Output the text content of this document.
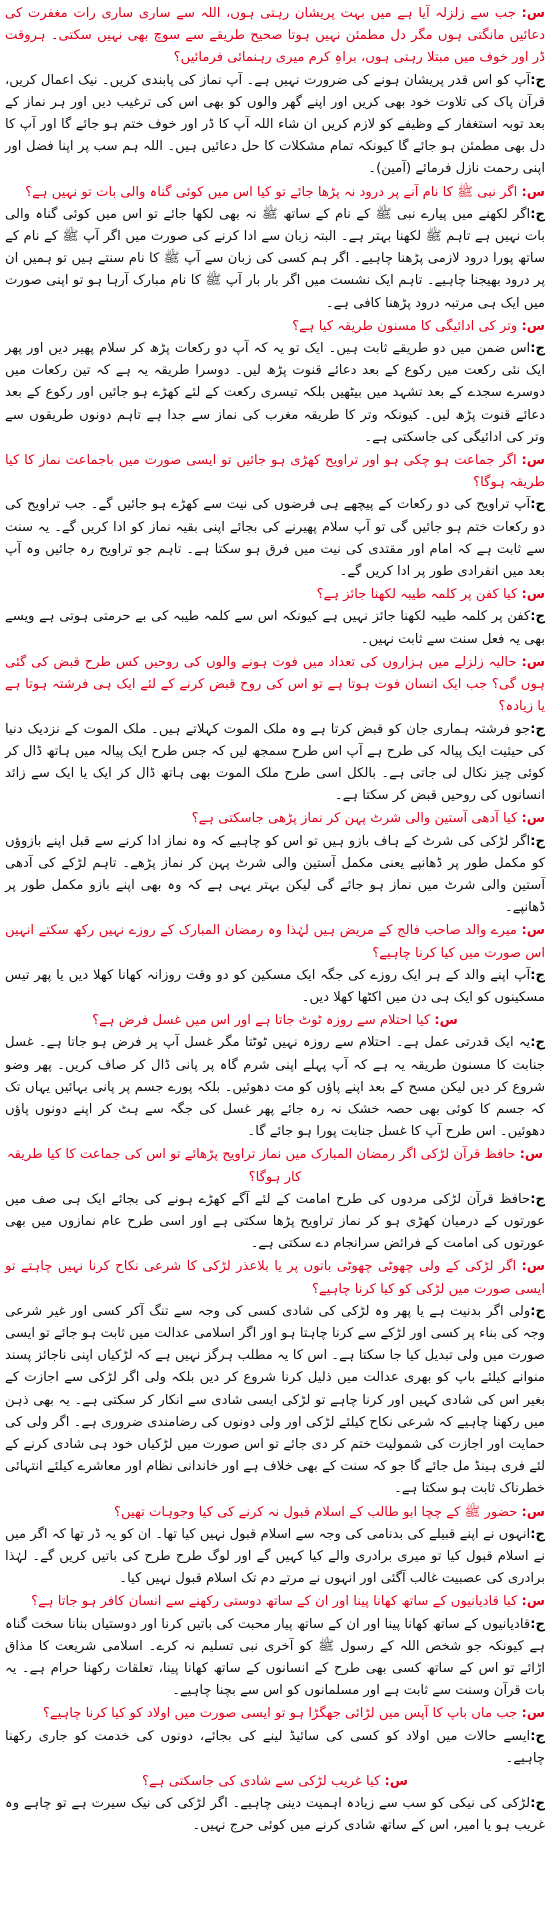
س: جب سے زلزلہ آیا ہے میں بہت پریشان رہتی ہوں، اللہ سے ساری ساری رات مغفرت کی دعائیں مانگتی ہوں مگر دل مطمئن نہیں ہوتا صحیح طریقے سے سوچ بھی نہیں سکتی۔ ہروقت ڈر اور خوف میں مبتلا رہتی ہوں، براہِ کرم میری رہنمائی فرمائیں؟

ج:آپ کو اس قدر پریشان ہونے کی ضرورت نہیں ہے۔ آپ نماز کی پابندی کریں۔ نیک اعمال کریں، قرآن پاک کی تلاوت خود بھی کریں اور اپنے گھر والوں کو بھی اس کی ترغیب دیں اور ہر نماز کے بعد توبہ استغفار کے وظیفے کو لازم کریں ان شاء اللہ آپ کا ڈر اور خوف ختم ہو جائے گا اور آپ کا دل بھی مطمئن ہو جائے گا کیونکہ تمام مشکلات کا حل دعائیں ہیں۔ اللہ ہم سب پر اپنا فضل اور اپنی رحمت نازل فرمائے (آمین)۔

س: اگر نبی ﷺ کا نام آنے پر درود نہ پڑھا جائے تو کیا اس میں کوئی گناہ والی بات تو نہیں ہے؟

ج:اگر لکھنے میں پیارے نبی ﷺ کے نام کے ساتھ ﷺ نہ بھی لکھا جائے تو اس میں کوئی گناہ والی بات نہیں ہے تاہم ﷺ لکھنا بہتر ہے۔ البتہ زبان سے ادا کرنے کی صورت میں اگر آپ ﷺ کے نام کے ساتھ پورا درود لازمی پڑھنا چاہیے۔ اگر ہم کسی کی زبان سے آپ ﷺ کا نام سنتے ہیں تو ہمیں ان پر درود بھیجنا چاہیے۔ تاہم ایک نشست میں اگر بار بار آپ ﷺ کا نام مبارک آرہا ہو تو اپنی صورت میں ایک ہی مرتبہ درود پڑھنا کافی ہے۔

س: وتر کی ادائیگی کا مسنون طریقہ کیا ہے؟

ج:اس ضمن میں دو طریقے ثابت ہیں۔ ایک تو یہ کہ آپ دو رکعات پڑھ کر سلام پھیر دیں اور پھر ایک نئی رکعت میں رکوع کے بعد دعائے قنوت پڑھ لیں۔ دوسرا طریقہ یہ ہے کہ تین رکعات میں دوسرے سجدے کے بعد تشہد میں بیٹھیں بلکہ تیسری رکعت کے لئے کھڑے ہو جائیں اور رکوع کے بعد دعائے قنوت پڑھ لیں۔ کیونکہ وتر کا طریقہ مغرب کی نماز سے جدا ہے تاہم دونوں طریقوں سے وتر کی ادائیگی کی جاسکتی ہے۔

س: اگر جماعت ہو چکی ہو اور تراویح کھڑی ہو جائیں تو ایسی صورت میں باجماعت نماز کا کیا طریقہ ہوگا؟

ج:آپ تراویح کی دو رکعات کے پیچھے ہی فرضوں کی نیت سے کھڑے ہو جائیں گے۔ جب تراویح کی دو رکعات ختم ہو جائیں گی تو آپ سلام پھیرنے کی بجائے اپنی بقیہ نماز کو ادا کریں گے۔ یہ سنت سے ثابت ہے کہ امام اور مقتدی کی نیت میں فرق ہو سکتا ہے۔ تاہم جو تراویح رہ جائیں وہ آپ بعد میں انفرادی طور پر ادا کریں گے۔

س: کیا کفن پر کلمہ طیبہ لکھنا جائز ہے؟

ج:کفن پر کلمہ طیبہ لکھنا جائز نہیں ہے کیونکہ اس سے کلمہ طیبہ کی بے حرمتی ہوتی ہے ویسے بھی یہ فعل سنت سے ثابت نہیں۔

س: حالیہ زلزلے میں ہزاروں کی تعداد میں فوت ہونے والوں کی روحیں کس طرح قبض کی گئی ہوں گی؟ جب ایک انسان فوت ہوتا ہے تو اس کی روح قبض کرنے کے لئے ایک ہی فرشتہ ہوتا ہے یا زیادہ؟

ج:جو فرشتہ ہماری جان کو قبض کرتا ہے وہ ملک الموت کہلاتے ہیں۔ ملک الموت کے نزدیک دنیا کی حیثیت ایک پیالہ کی طرح ہے آپ اس طرح سمجھ لیں کہ جس طرح ایک پیالہ میں ہاتھ ڈال کر کوئی چیز نکال لی جاتی ہے۔ بالکل اسی طرح ملک الموت بھی ہاتھ ڈال کر ایک یا ایک سے زائد انسانوں کی روحیں قبض کر سکتا ہے۔

س: کیا آدھی آستین والی شرٹ پہن کر نماز پڑھی جاسکتی ہے؟

ج:اگر لڑکی کی شرٹ کے ہاف بازو ہیں تو اس کو چاہیے کہ وہ نماز ادا کرنے سے قبل اپنے بازوؤں کو مکمل طور پر ڈھانپے یعنی مکمل آستین والی شرٹ پہن کر نماز پڑھے۔ تاہم لڑکے کی آدھی آستین والی شرٹ میں نماز ہو جائے گی لیکن بہتر یہی ہے کہ وہ بھی اپنے بازو مکمل طور پر ڈھانپے۔

س: میرے والد صاحب فالج کے مریض ہیں لہٰذا وہ رمضان المبارک کے روزے نہیں رکھ سکتے انہیں اس صورت میں کیا کرنا چاہیے؟

ج:آپ اپنے والد کے ہر ایک روزے کی جگہ ایک مسکین کو دو وقت روزانہ کھانا کھلا دیں یا پھر تیس مسکینوں کو ایک ہی دن میں اکٹھا کھلا دیں۔

س: کیا احتلام سے روزہ ٹوٹ جاتا ہے اور اس میں غسل فرض ہے؟

ج:یہ ایک قدرتی عمل ہے۔ احتلام سے روزہ نہیں ٹوٹتا مگر غسل آپ پر فرض ہو جاتا ہے۔ غسل جنابت کا مسنون طریقہ یہ ہے کہ آپ پہلے اپنی شرم گاہ پر پانی ڈال کر صاف کریں۔ پھر وضو شروع کر دیں لیکن مسح کے بعد اپنے پاؤں کو مت دھوئیں۔ بلکہ پورے جسم پر پانی بہائیں یہاں تک کہ جسم کا کوئی بھی حصہ خشک نہ رہ جائے پھر غسل کی جگہ سے ہٹ کر اپنے دونوں پاؤں دھوئیں۔ اس طرح آپ کا غسل جنابت پورا ہو جائے گا۔

س: حافظ قرآن لڑکی اگر رمضان المبارک میں نماز تراویح پڑھائے تو اس کی جماعت کا کیا طریقہ کار ہوگا؟

ج:حافظ قرآن لڑکی مردوں کی طرح امامت کے لئے آگے کھڑے ہونے کی بجائے ایک ہی صف میں عورتوں کے درمیان کھڑی ہو کر نماز تراویح پڑھا سکتی ہے اور اسی طرح عام نمازوں میں بھی عورتوں کی امامت کے فرائض سرانجام دے سکتی ہے۔

س: اگر لڑکی کے ولی چھوٹی چھوٹی باتوں پر یا بلاعذر لڑکی کا شرعی نکاح کرنا نہیں چاہتے تو ایسی صورت میں لڑکی کو کیا کرنا چاہیے؟

ج:ولی اگر بدنیت ہے یا پھر وہ لڑکی کی شادی کسی کی وجہ سے تنگ آکر کسی اور غیر شرعی وجہ کی بناء پر کسی اور لڑکے سے کرنا چاہتا ہو اور اگر اسلامی عدالت میں ثابت ہو جائے تو ایسی صورت میں ولی تبدیل کیا جا سکتا ہے۔ اس کا یہ مطلب ہرگز نہیں ہے کہ لڑکیاں اپنی ناجائز پسند منوانے کیلئے باپ کو بھری عدالت میں ذلیل کرنا شروع کر دیں بلکہ ولی اگر لڑکی سے اجازت کے بغیر اس کی شادی کہیں اور کرنا چاہے تو لڑکی ایسی شادی سے انکار کر سکتی ہے۔ یہ بھی ذہن میں رکھنا چاہیے کہ شرعی نکاح کیلئے لڑکی اور ولی دونوں کی رضامندی ضروری ہے۔ اگر ولی کی حمایت اور اجازت کی شمولیت ختم کر دی جائے تو اس صورت میں لڑکیاں خود ہی شادی کرنے کے لئے فری ہینڈ مل جائے گا جو کہ سنت کے بھی خلاف ہے اور خاندانی نظام اور معاشرے کیلئے انتہائی خطرناک ثابت ہو سکتا ہے۔

س: حضور ﷺ کے چچا ابو طالب کے اسلام قبول نہ کرنے کی کیا وجوہات تھیں؟

ج:انہوں نے اپنے قبیلے کی بدنامی کی وجہ سے اسلام قبول نہیں کیا تھا۔ ان کو یہ ڈر تھا کہ اگر میں نے اسلام قبول کیا تو میری برادری والے کیا کہیں گے اور لوگ طرح طرح کی باتیں کریں گے۔ لہٰذا برادری کی عصبیت غالب آگئی اور انہوں نے مرتے دم تک اسلام قبول نہیں کیا۔

س: کیا قادیانیوں کے ساتھ کھانا پینا اور ان کے ساتھ دوستی رکھنے سے انسان کافر ہو جاتا ہے؟

ج:قادیانیوں کے ساتھ کھانا پینا اور ان کے ساتھ پیار محبت کی باتیں کرنا اور دوستیاں بنانا سخت گناہ ہے کیونکہ جو شخص اللہ کے رسول ﷺ کو آخری نبی تسلیم نہ کرے۔ اسلامی شریعت کا مذاق اڑائے تو اس کے ساتھ کسی بھی طرح کے انسانوں کے ساتھ کھانا پینا، تعلقات رکھنا حرام ہے۔ یہ بات قرآن وسنت سے ثابت ہے اور مسلمانوں کو اس سے بچنا چاہیے۔

س: جب ماں باپ کا آپس میں لڑائی جھگڑا ہو تو ایسی صورت میں اولاد کو کیا کرنا چاہیے؟

ج:ایسے حالات میں اولاد کو کسی کی سائیڈ لینے کی بجائے، دونوں کی خدمت کو جاری رکھنا چاہیے۔

س: کیا غریب لڑکی سے شادی کی جاسکتی ہے؟

ج:لڑکی کی نیکی کو سب سے زیادہ اہمیت دینی چاہیے۔ اگر لڑکی کی نیک سیرت ہے تو چاہے وہ غریب ہو یا امیر، اس کے ساتھ شادی کرنے میں کوئی حرج نہیں۔
